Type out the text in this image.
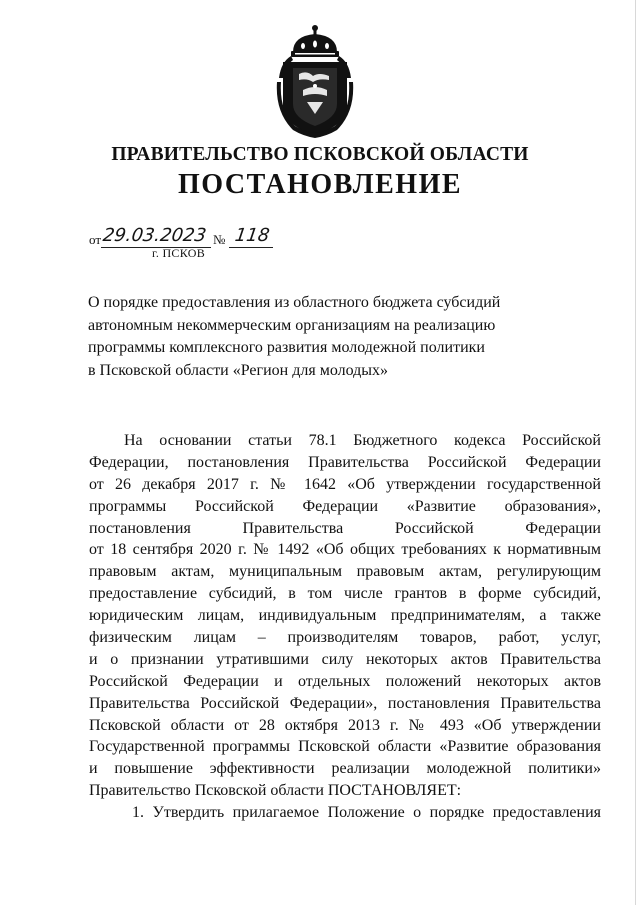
ПРАВИТЕЛЬСТВО ПСКОВСКОЙ ОБЛАСТИ
ПОСТАНОВЛЕНИЕ
от 29.03.2023 № 118
г. ПСКОВ
О порядке предоставления из областного бюджета субсидий
автономным некоммерческим организациям на реализацию
программы комплексного развития молодежной политики
в Псковской области «Регион для молодых»
На основании статьи 78.1 Бюджетного кодекса Российской
Федерации, постановления Правительства Российской Федерации
от 26 декабря 2017 г. № 1642 «Об утверждении государственной
программы Российской Федерации «Развитие образования»,
постановления Правительства Российской Федерации
от 18 сентября 2020 г. № 1492 «Об общих требованиях к нормативным
правовым актам, муниципальным правовым актам, регулирующим
предоставление субсидий, в том числе грантов в форме субсидий,
юридическим лицам, индивидуальным предпринимателям, а также
физическим лицам – производителям товаров, работ, услуг,
и о признании утратившими силу некоторых актов Правительства
Российской Федерации и отдельных положений некоторых актов
Правительства Российской Федерации», постановления Правительства
Псковской области от 28 октября 2013 г. № 493 «Об утверждении
Государственной программы Псковской области «Развитие образования
и повышение эффективности реализации молодежной политики»
Правительство Псковской области ПОСТАНОВЛЯЕТ:
1. Утвердить прилагаемое Положение о порядке предоставления
